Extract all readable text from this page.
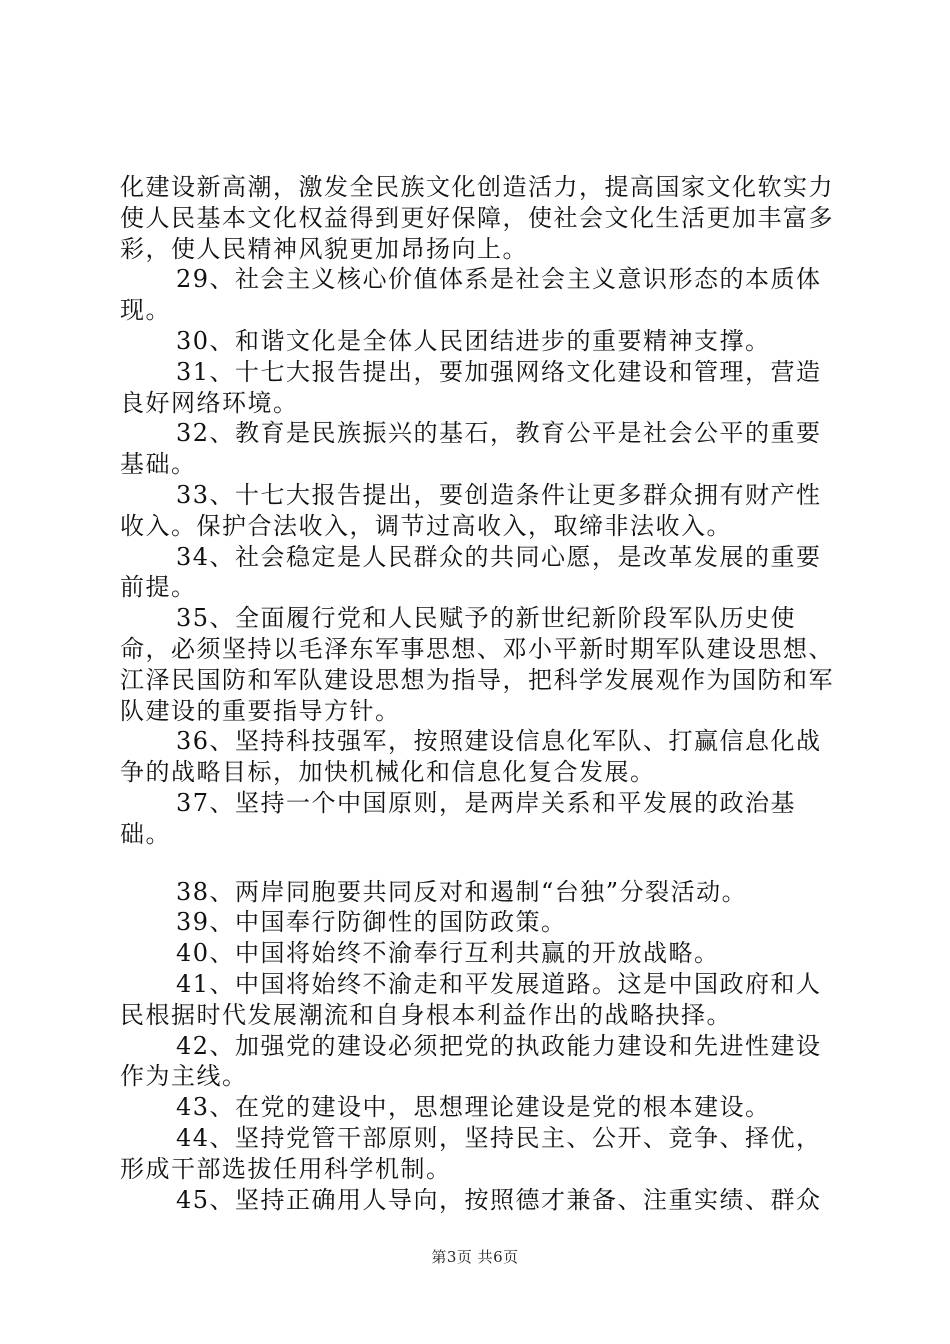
化建设新高潮，激发全民族文化创造活力，提高国家文化软实力使人民基本文化权益得到更好保障，使社会文化生活更加丰富多彩，使人民精神风貌更加昂扬向上。

29、社会主义核心价值体系是社会主义意识形态的本质体现。

30、和谐文化是全体人民团结进步的重要精神支撑。

31、十七大报告提出，要加强网络文化建设和管理，营造良好网络环境。

32、教育是民族振兴的基石，教育公平是社会公平的重要基础。

33、十七大报告提出，要创造条件让更多群众拥有财产性收入。保护合法收入，调节过高收入，取缔非法收入。

34、社会稳定是人民群众的共同心愿，是改革发展的重要前提。

35、全面履行党和人民赋予的新世纪新阶段军队历史使命，必须坚持以毛泽东军事思想、邓小平新时期军队建设思想、江泽民国防和军队建设思想为指导，把科学发展观作为国防和军队建设的重要指导方针。

36、坚持科技强军，按照建设信息化军队、打赢信息化战争的战略目标，加快机械化和信息化复合发展。

37、坚持一个中国原则，是两岸关系和平发展的政治基础。

38、两岸同胞要共同反对和遏制“台独”分裂活动。

39、中国奉行防御性的国防政策。

40、中国将始终不渝奉行互利共赢的开放战略。

41、中国将始终不渝走和平发展道路。这是中国政府和人民根据时代发展潮流和自身根本利益作出的战略抉择。

42、加强党的建设必须把党的执政能力建设和先进性建设作为主线。

43、在党的建设中，思想理论建设是党的根本建设。

44、坚持党管干部原则，坚持民主、公开、竞争、择优，形成干部选拔任用科学机制。

45、坚持正确用人导向，按照德才兼备、注重实绩、群众

第3页 共6页
